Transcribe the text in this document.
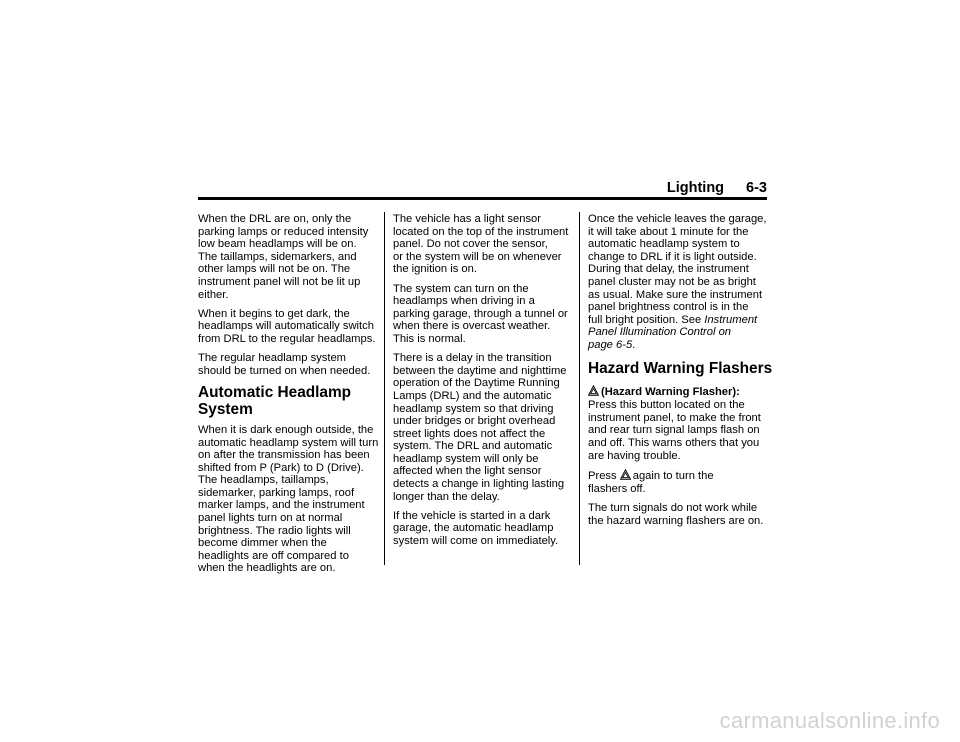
Lighting 6-3

When the DRL are on, only the
parking lamps or reduced intensity
low beam headlamps will be on.
The taillamps, sidemarkers, and
other lamps will not be on. The
instrument panel will not be lit up
either.

When it begins to get dark, the
headlamps will automatically switch
from DRL to the regular headlamps.

The regular headlamp system
should be turned on when needed.

Automatic Headlamp
System

When it is dark enough outside, the
automatic headlamp system will turn
on after the transmission has been
shifted from P (Park) to D (Drive).
The headlamps, taillamps,
sidemarker, parking lamps, roof
marker lamps, and the instrument
panel lights turn on at normal
brightness. The radio lights will
become dimmer when the
headlights are off compared to
when the headlights are on.

The vehicle has a light sensor
located on the top of the instrument
panel. Do not cover the sensor,
or the system will be on whenever
the ignition is on.

The system can turn on the
headlamps when driving in a
parking garage, through a tunnel or
when there is overcast weather.
This is normal.

There is a delay in the transition
between the daytime and nighttime
operation of the Daytime Running
Lamps (DRL) and the automatic
headlamp system so that driving
under bridges or bright overhead
street lights does not affect the
system. The DRL and automatic
headlamp system will only be
affected when the light sensor
detects a change in lighting lasting
longer than the delay.

If the vehicle is started in a dark
garage, the automatic headlamp
system will come on immediately.

Once the vehicle leaves the garage,
it will take about 1 minute for the
automatic headlamp system to
change to DRL if it is light outside.
During that delay, the instrument
panel cluster may not be as bright
as usual. Make sure the instrument
panel brightness control is in the
full bright position. See Instrument
Panel Illumination Control on
page 6-5.

Hazard Warning Flashers

(Hazard Warning Flasher):
Press this button located on the
instrument panel, to make the front
and rear turn signal lamps flash on
and off. This warns others that you
are having trouble.

Press again to turn the
flashers off.

The turn signals do not work while
the hazard warning flashers are on.

carmanualsonline.info
